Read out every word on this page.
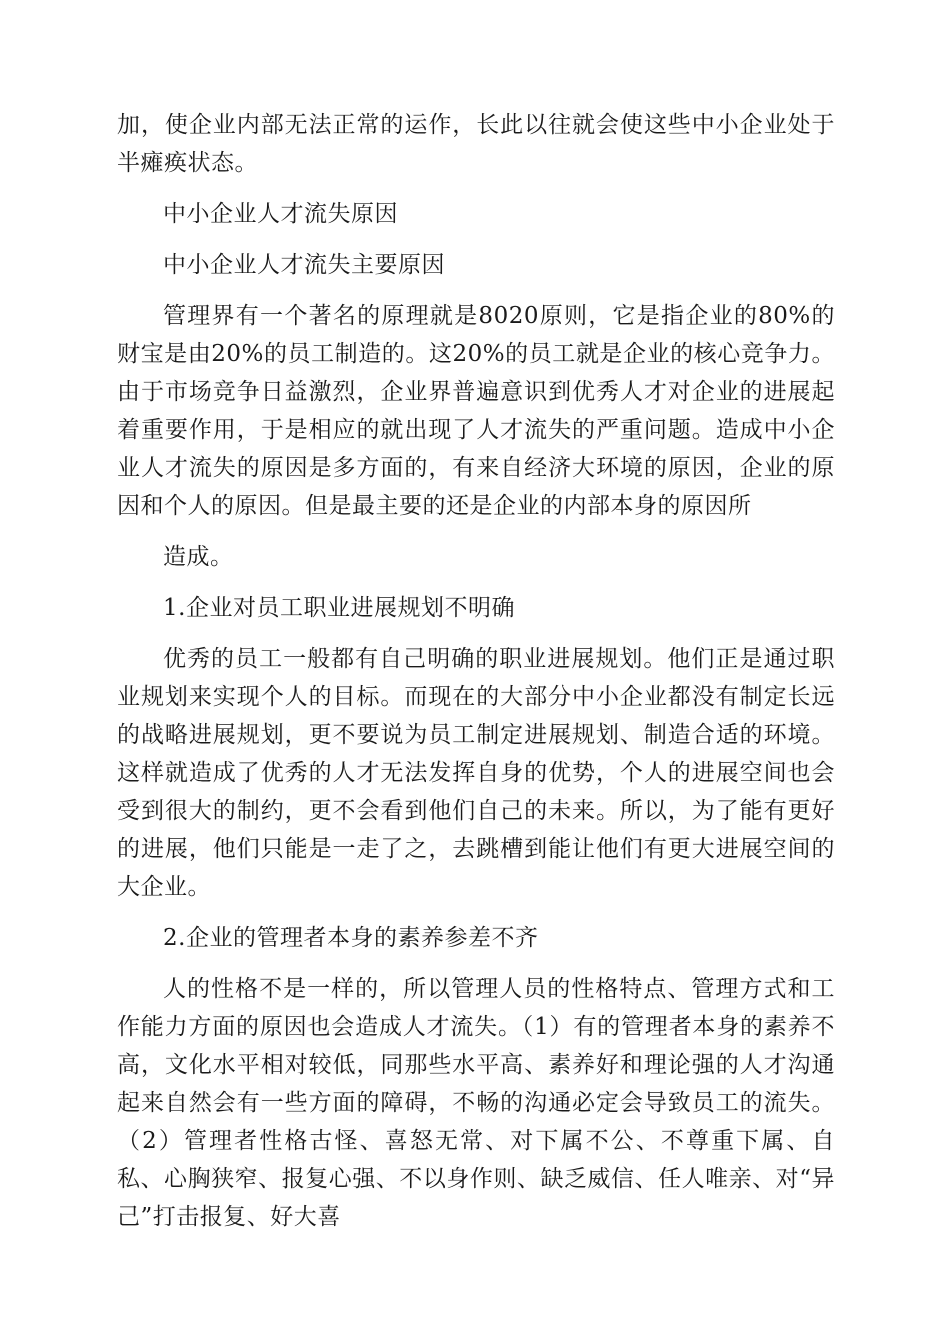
加，使企业内部无法正常的运作，长此以往就会使这些中小企业处于半瘫痪状态。

中小企业人才流失原因

中小企业人才流失主要原因

管理界有一个著名的原理就是8020原则，它是指企业的80%的财宝是由20%的员工制造的。这20%的员工就是企业的核心竞争力。由于市场竞争日益激烈，企业界普遍意识到优秀人才对企业的进展起着重要作用，于是相应的就出现了人才流失的严重问题。造成中小企业人才流失的原因是多方面的，有来自经济大环境的原因，企业的原因和个人的原因。但是最主要的还是企业的内部本身的原因所

造成。

1.企业对员工职业进展规划不明确

优秀的员工一般都有自己明确的职业进展规划。他们正是通过职业规划来实现个人的目标。而现在的大部分中小企业都没有制定长远的战略进展规划，更不要说为员工制定进展规划、制造合适的环境。这样就造成了优秀的人才无法发挥自身的优势，个人的进展空间也会受到很大的制约，更不会看到他们自己的未来。所以，为了能有更好的进展，他们只能是一走了之，去跳槽到能让他们有更大进展空间的大企业。

2.企业的管理者本身的素养参差不齐

人的性格不是一样的，所以管理人员的性格特点、管理方式和工作能力方面的原因也会造成人才流失。（1）有的管理者本身的素养不高，文化水平相对较低，同那些水平高、素养好和理论强的人才沟通起来自然会有一些方面的障碍，不畅的沟通必定会导致员工的流失。（2）管理者性格古怪、喜怒无常、对下属不公、不尊重下属、自私、心胸狭窄、报复心强、不以身作则、缺乏威信、任人唯亲、对“异己”打击报复、好大喜
